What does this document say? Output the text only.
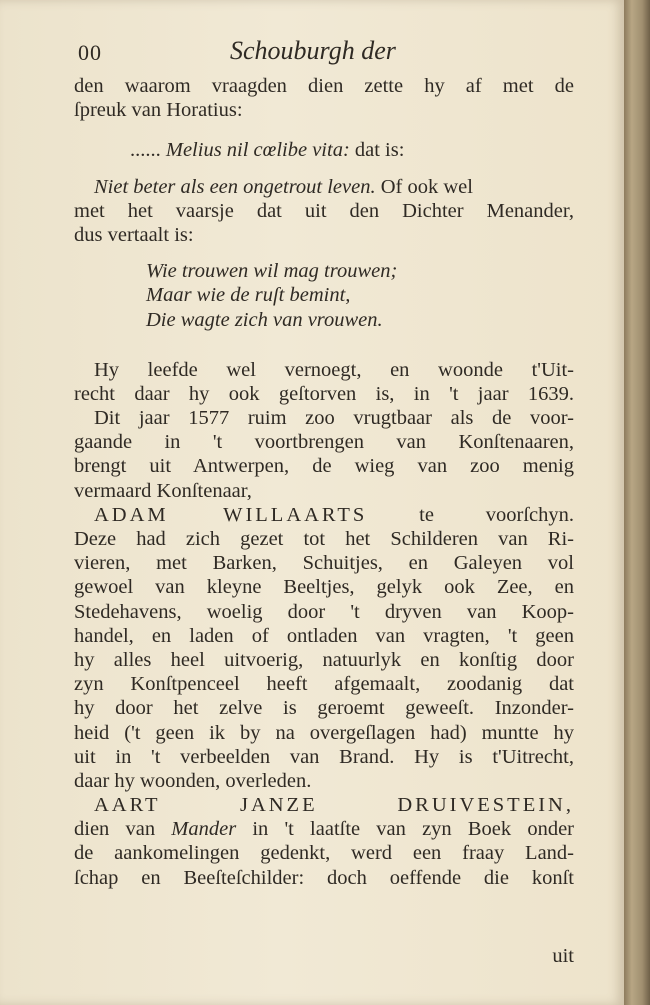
00	Schouburgh der
den waarom vraagden dien zette hy af met de
ſpreuk van Horatius:
...... Melius nil cœlibe vita: dat is:
Niet beter als een ongetrout leven. Of ook wel
met het vaarsje dat uit den Dichter Menander,
dus vertaalt is:
Wie trouwen wil mag trouwen;
Maar wie de ruſt bemint,
Die wagte zich van vrouwen.
Hy leefde wel vernoegt, en woonde t'Uit-
recht daar hy ook geſtorven is, in 't jaar 1639.
Dit jaar 1577 ruim zoo vrugtbaar als de voor-
gaande in 't voortbrengen van Konſtenaaren,
brengt uit Antwerpen, de wieg van zoo menig
vermaard Konſtenaar,
ADAM WILLAARTS te voorſchyn.
Deze had zich gezet tot het Schilderen van Ri-
vieren, met Barken, Schuitjes, en Galeyen vol
gewoel van kleyne Beeltjes, gelyk ook Zee, en
Stedehavens, woelig door 't dryven van Koop-
handel, en laden of ontladen van vragten, 't geen
hy alles heel uitvoerig, natuurlyk en konſtig door
zyn Konſtpenceel heeft afgemaalt, zoodanig dat
hy door het zelve is geroemt geweeſt. Inzonder-
heid ('t geen ik by na overgeſlagen had) muntte hy
uit in 't verbeelden van Brand. Hy is t'Uitrecht,
daar hy woonden, overleden.
AART JANZE DRUIVESTEIN,
dien van Mander in 't laatſte van zyn Boek onder
de aankomelingen gedenkt, werd een fraay Land-
ſchap en Beeſteſchilder: doch oeffende die konſt
uit
